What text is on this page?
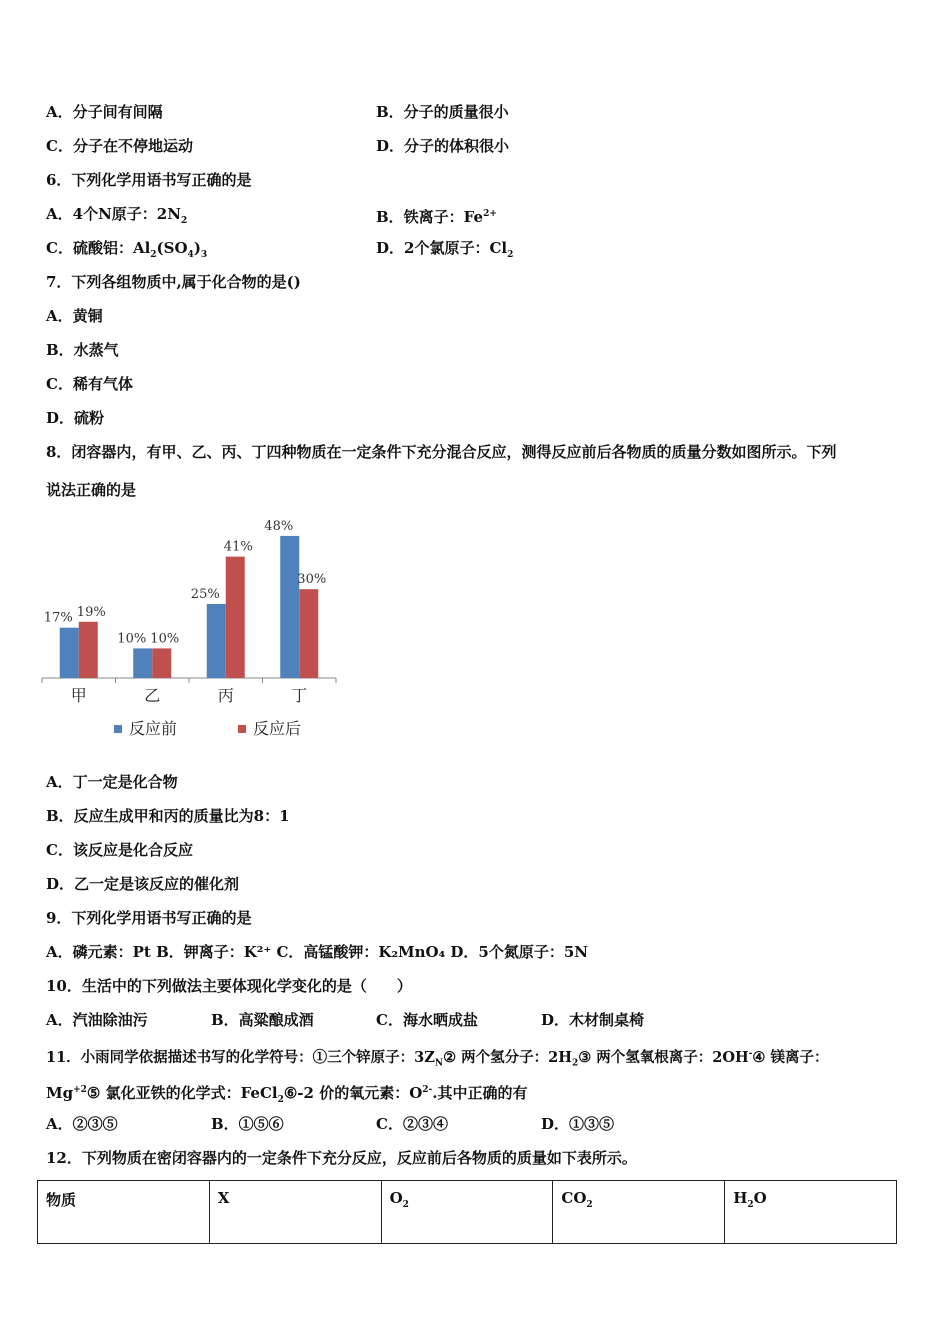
A．分子间有间隔	B．分子的质量很小
C．分子在不停地运动	D．分子的体积很小
6．下列化学用语书写正确的是
A．4个N原子：$2N_2$	B．铁离子：$Fe^{2+}$
C．硫酸铝：$Al_2(SO_4)_3$	D．2个氯原子：$Cl_2$
7．下列各组物质中,属于化合物的是()
A．黄铜
B．水蒸气
C．稀有气体
D．硫粉
8．闭容器内，有甲、乙、丙、丁四种物质在一定条件下充分混合反应，测得反应前后各物质的质量分数如图所示。下列
说法正确的是
17% 19%
甲
10% 10%
乙
25%
41%
丙
48%
30%
丁
反应前	反应后
A．丁一定是化合物
B．反应生成甲和丙的质量比为8：1
C．该反应是化合反应
D．乙一定是该反应的催化剂
9．下列化学用语书写正确的是
A．磷元素：Pt B．钾离子：K²⁺ C．高锰酸钾：K₂MnO₄ D．5个氮原子：5N
10．生活中的下列做法主要体现化学变化的是（　　）
A．汽油除油污	B．高粱酿成酒	C．海水晒成盐	D．木材制桌椅
11．小雨同学依据描述书写的化学符号：①三个锌原子：$3Z_N②$ 两个氢分子：$2H_2③$ 两个氢氧根离子：2OH-④ 镁离子：
$Mg^{+2}⑤$ 氯化亚铁的化学式：FeCl$_2$⑥-2 价的氧元素：$O^{2-}$.其中正确的有
A．②③⑤	B．①⑤⑥	C．②③④	D．①③⑤
12．下列物质在密闭容器内的一定条件下充分反应，反应前后各物质的质量如下表所示。
物质	X	$O_2$	$CO_2$	$H_2O$
